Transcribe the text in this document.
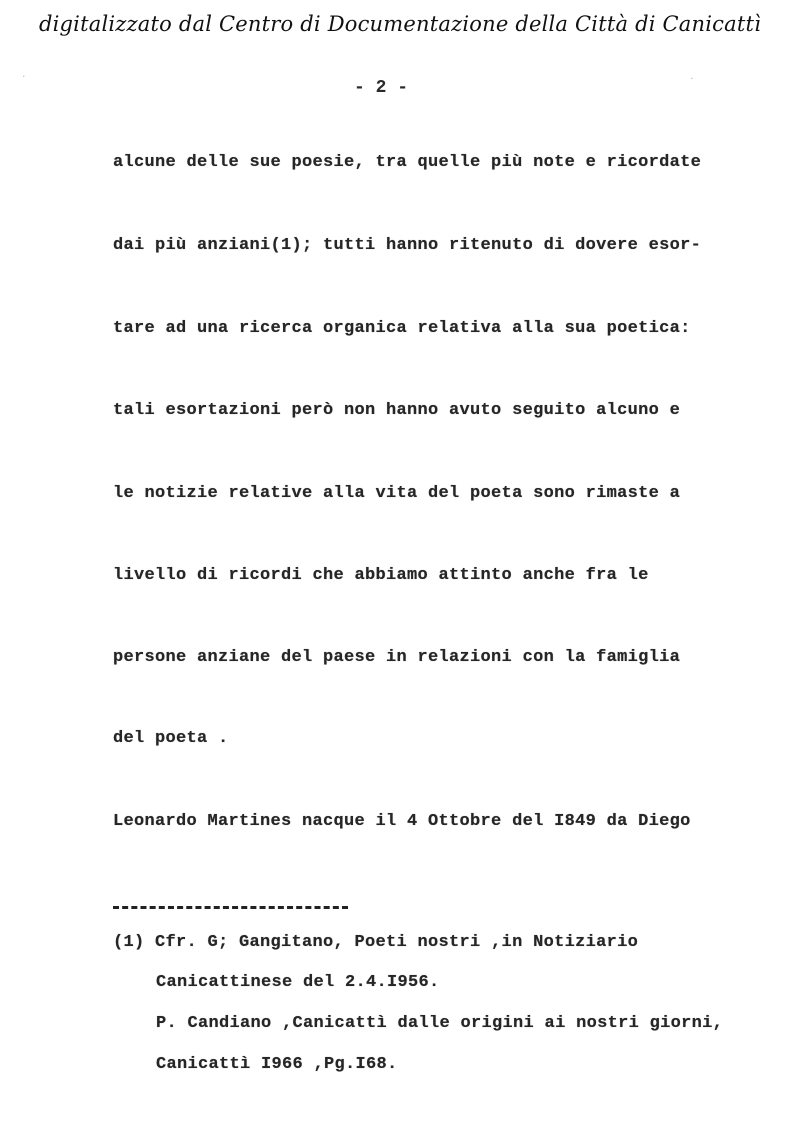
digitalizzato dal Centro di Documentazione della Città di Canicattì
·	·
- 2 -
alcune delle sue poesie, tra quelle più note e ricordate
dai più anziani(1); tutti hanno ritenuto di dovere esor-
tare ad una ricerca organica relativa alla sua poetica:
tali esortazioni però non hanno avuto seguito alcuno e
le notizie relative alla vita del poeta sono rimaste a
livello di ricordi che abbiamo attinto anche fra le
persone anziane del paese in relazioni con la famiglia
del poeta .
Leonardo Martines nacque il 4 Ottobre del I849 da Diego
(1) Cfr. G; Gangitano, Poeti nostri ,in Notiziario
Canicattinese del 2.4.I956.
P. Candiano ,Canicattì dalle origini ai nostri giorni,
Canicattì I966 ,Pg.I68.
